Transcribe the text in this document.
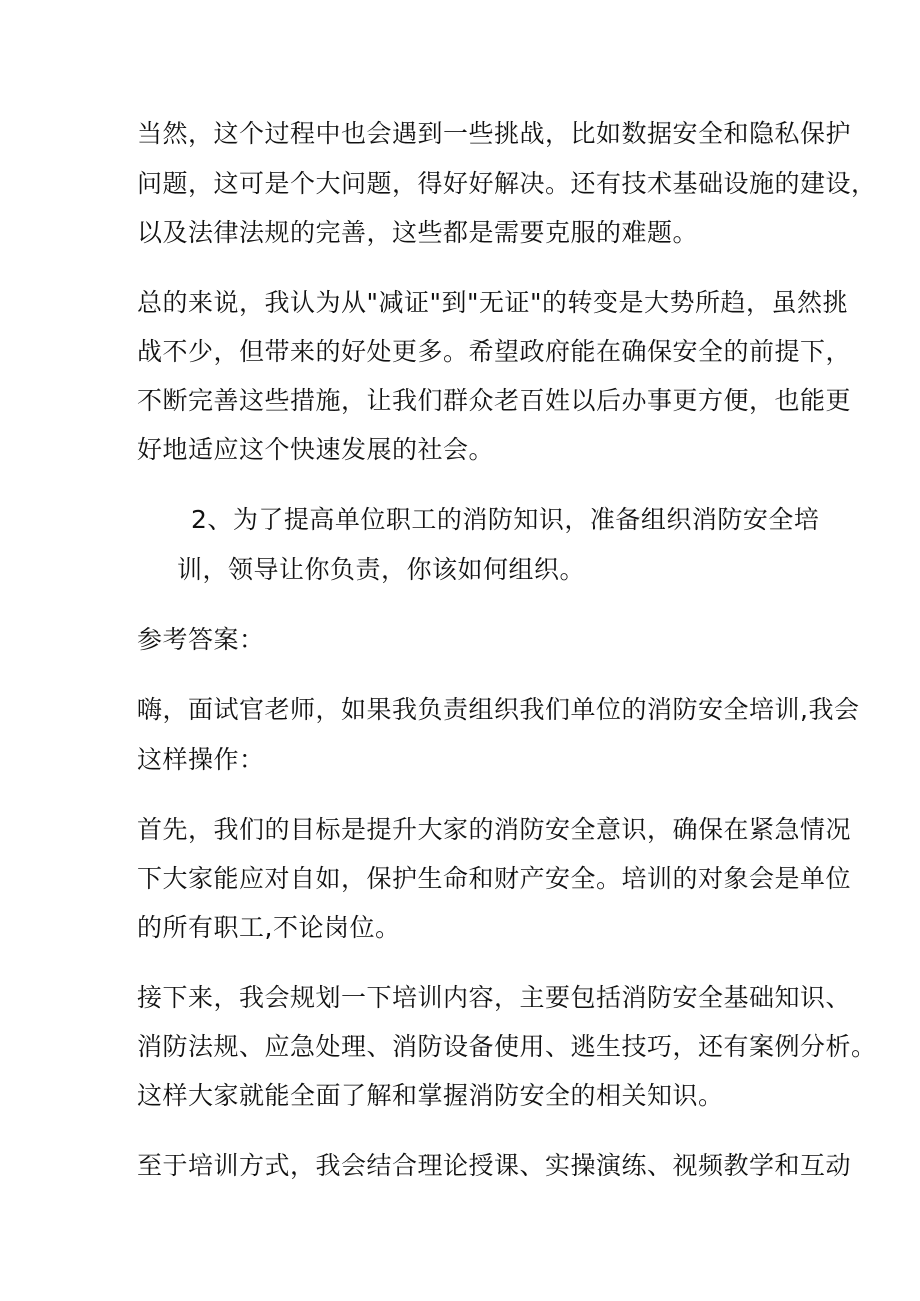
当然，这个过程中也会遇到一些挑战，比如数据安全和隐私保护
问题，这可是个大问题，得好好解决。还有技术基础设施的建设，
以及法律法规的完善，这些都是需要克服的难题。
总的来说，我认为从"减证"到"无证"的转变是大势所趋，虽然挑
战不少，但带来的好处更多。希望政府能在确保安全的前提下，
不断完善这些措施，让我们群众老百姓以后办事更方便，也能更
好地适应这个快速发展的社会。
2、为了提高单位职工的消防知识，准备组织消防安全培
训，领导让你负责，你该如何组织。
参考答案：
嗨，面试官老师，如果我负责组织我们单位的消防安全培训,我会
这样操作：
首先，我们的目标是提升大家的消防安全意识，确保在紧急情况
下大家能应对自如，保护生命和财产安全。培训的对象会是单位
的所有职工,不论岗位。
接下来，我会规划一下培训内容，主要包括消防安全基础知识、
消防法规、应急处理、消防设备使用、逃生技巧，还有案例分析。
这样大家就能全面了解和掌握消防安全的相关知识。
至于培训方式，我会结合理论授课、实操演练、视频教学和互动
